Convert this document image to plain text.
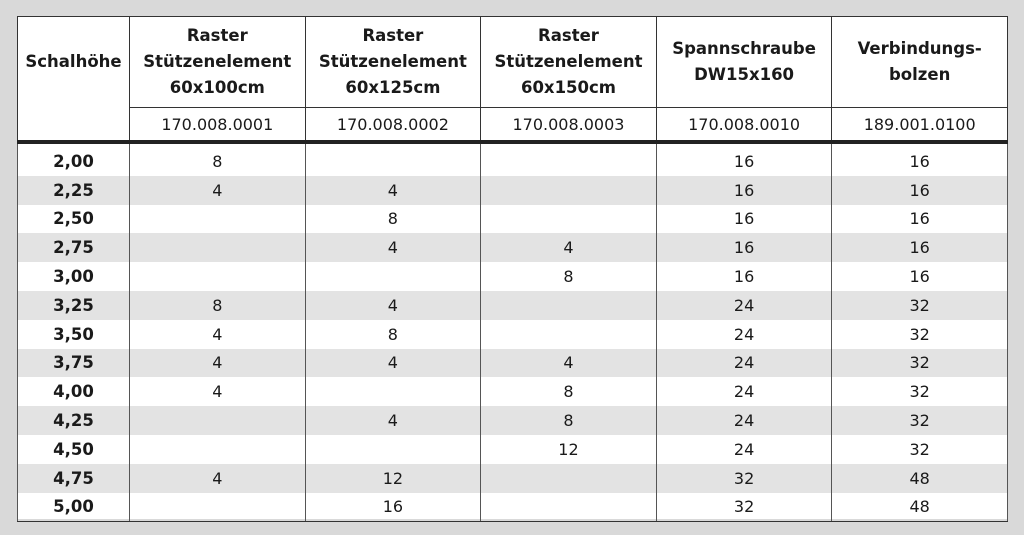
Schalhöhe	Raster
Stützenelement
60x100cm	Raster
Stützenelement
60x125cm	Raster
Stützenelement
60x150cm	Spannschraube
DW15x160	Verbindungs-
bolzen

	170.008.0001	170.008.0002	170.008.0003	170.008.0010	189.001.0100

2,00	8			16	16
2,25	4	4		16	16
2,50		8		16	16
2,75		4	4	16	16
3,00			8	16	16
3,25	8	4		24	32
3,50	4	8		24	32
3,75	4	4	4	24	32
4,00	4		8	24	32
4,25		4	8	24	32
4,50			12	24	32
4,75	4	12		32	48
5,00		16		32	48
